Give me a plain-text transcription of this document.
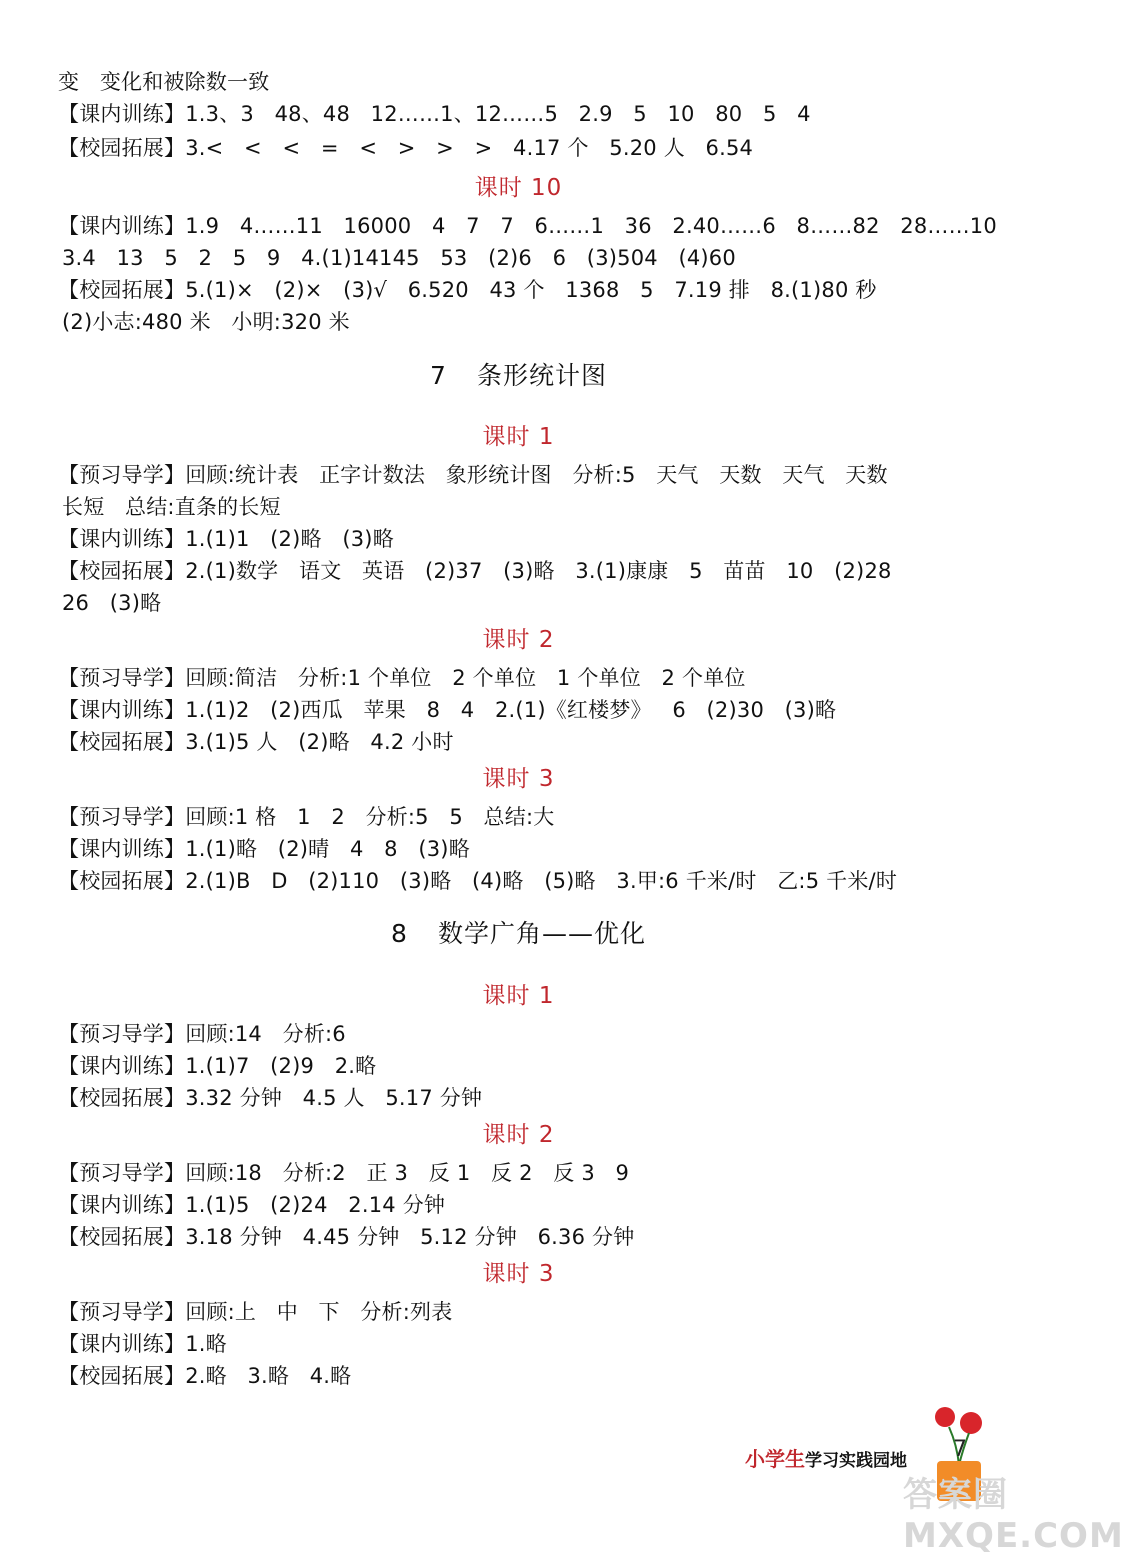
变   变化和被除数一致
【课内训练】1.3、3   48、48   12……1、12……5   2.9   5   10   80   5   4
【校园拓展】3.<   <   <   =   <   >   >   >   4.17 个   5.20 人   6.54
【课内训练】1.9   4……11   16000   4   7   7   6……1   36   2.40……6   8……82   28……10
3.4   13   5   2   5   9   4.(1)14145   53   (2)6   6   (3)504   (4)60
【校园拓展】5.(1)×   (2)×   (3)√   6.520   43 个   1368   5   7.19 排   8.(1)80 秒
(2)小志:480 米   小明:320 米
【预习导学】回顾:统计表   正字计数法   象形统计图   分析:5   天气   天数   天气   天数
长短   总结:直条的长短
【课内训练】1.(1)1   (2)略   (3)略
【校园拓展】2.(1)数学   语文   英语   (2)37   (3)略   3.(1)康康   5   苗苗   10   (2)28
26   (3)略
【预习导学】回顾:简洁   分析:1 个单位   2 个单位   1 个单位   2 个单位
【课内训练】1.(1)2   (2)西瓜   苹果   8   4   2.(1)《红楼梦》   6   (2)30   (3)略
【校园拓展】3.(1)5 人   (2)略   4.2 小时
【预习导学】回顾:1 格   1   2   分析:5   5   总结:大
【课内训练】1.(1)略   (2)晴   4   8   (3)略
【校园拓展】2.(1)B   D   (2)110   (3)略   (4)略   (5)略   3.甲:6 千米/时   乙:5 千米/时
【预习导学】回顾:14   分析:6
【课内训练】1.(1)7   (2)9   2.略
【校园拓展】3.32 分钟   4.5 人   5.17 分钟
【预习导学】回顾:18   分析:2   正 3   反 1   反 2   反 3   9
【课内训练】1.(1)5   (2)24   2.14 分钟
【校园拓展】3.18 分钟   4.45 分钟   5.12 分钟   6.36 分钟
【预习导学】回顾:上   中   下   分析:列表
【课内训练】1.略
【校园拓展】2.略   3.略   4.略
7 条形统计图
8 数学广角——优化
课时 10
课时 1
课时 2
课时 3
课时 1
课时 2
课时 3
小学生学习实践园地 7
答案圈 MXQE.COM
